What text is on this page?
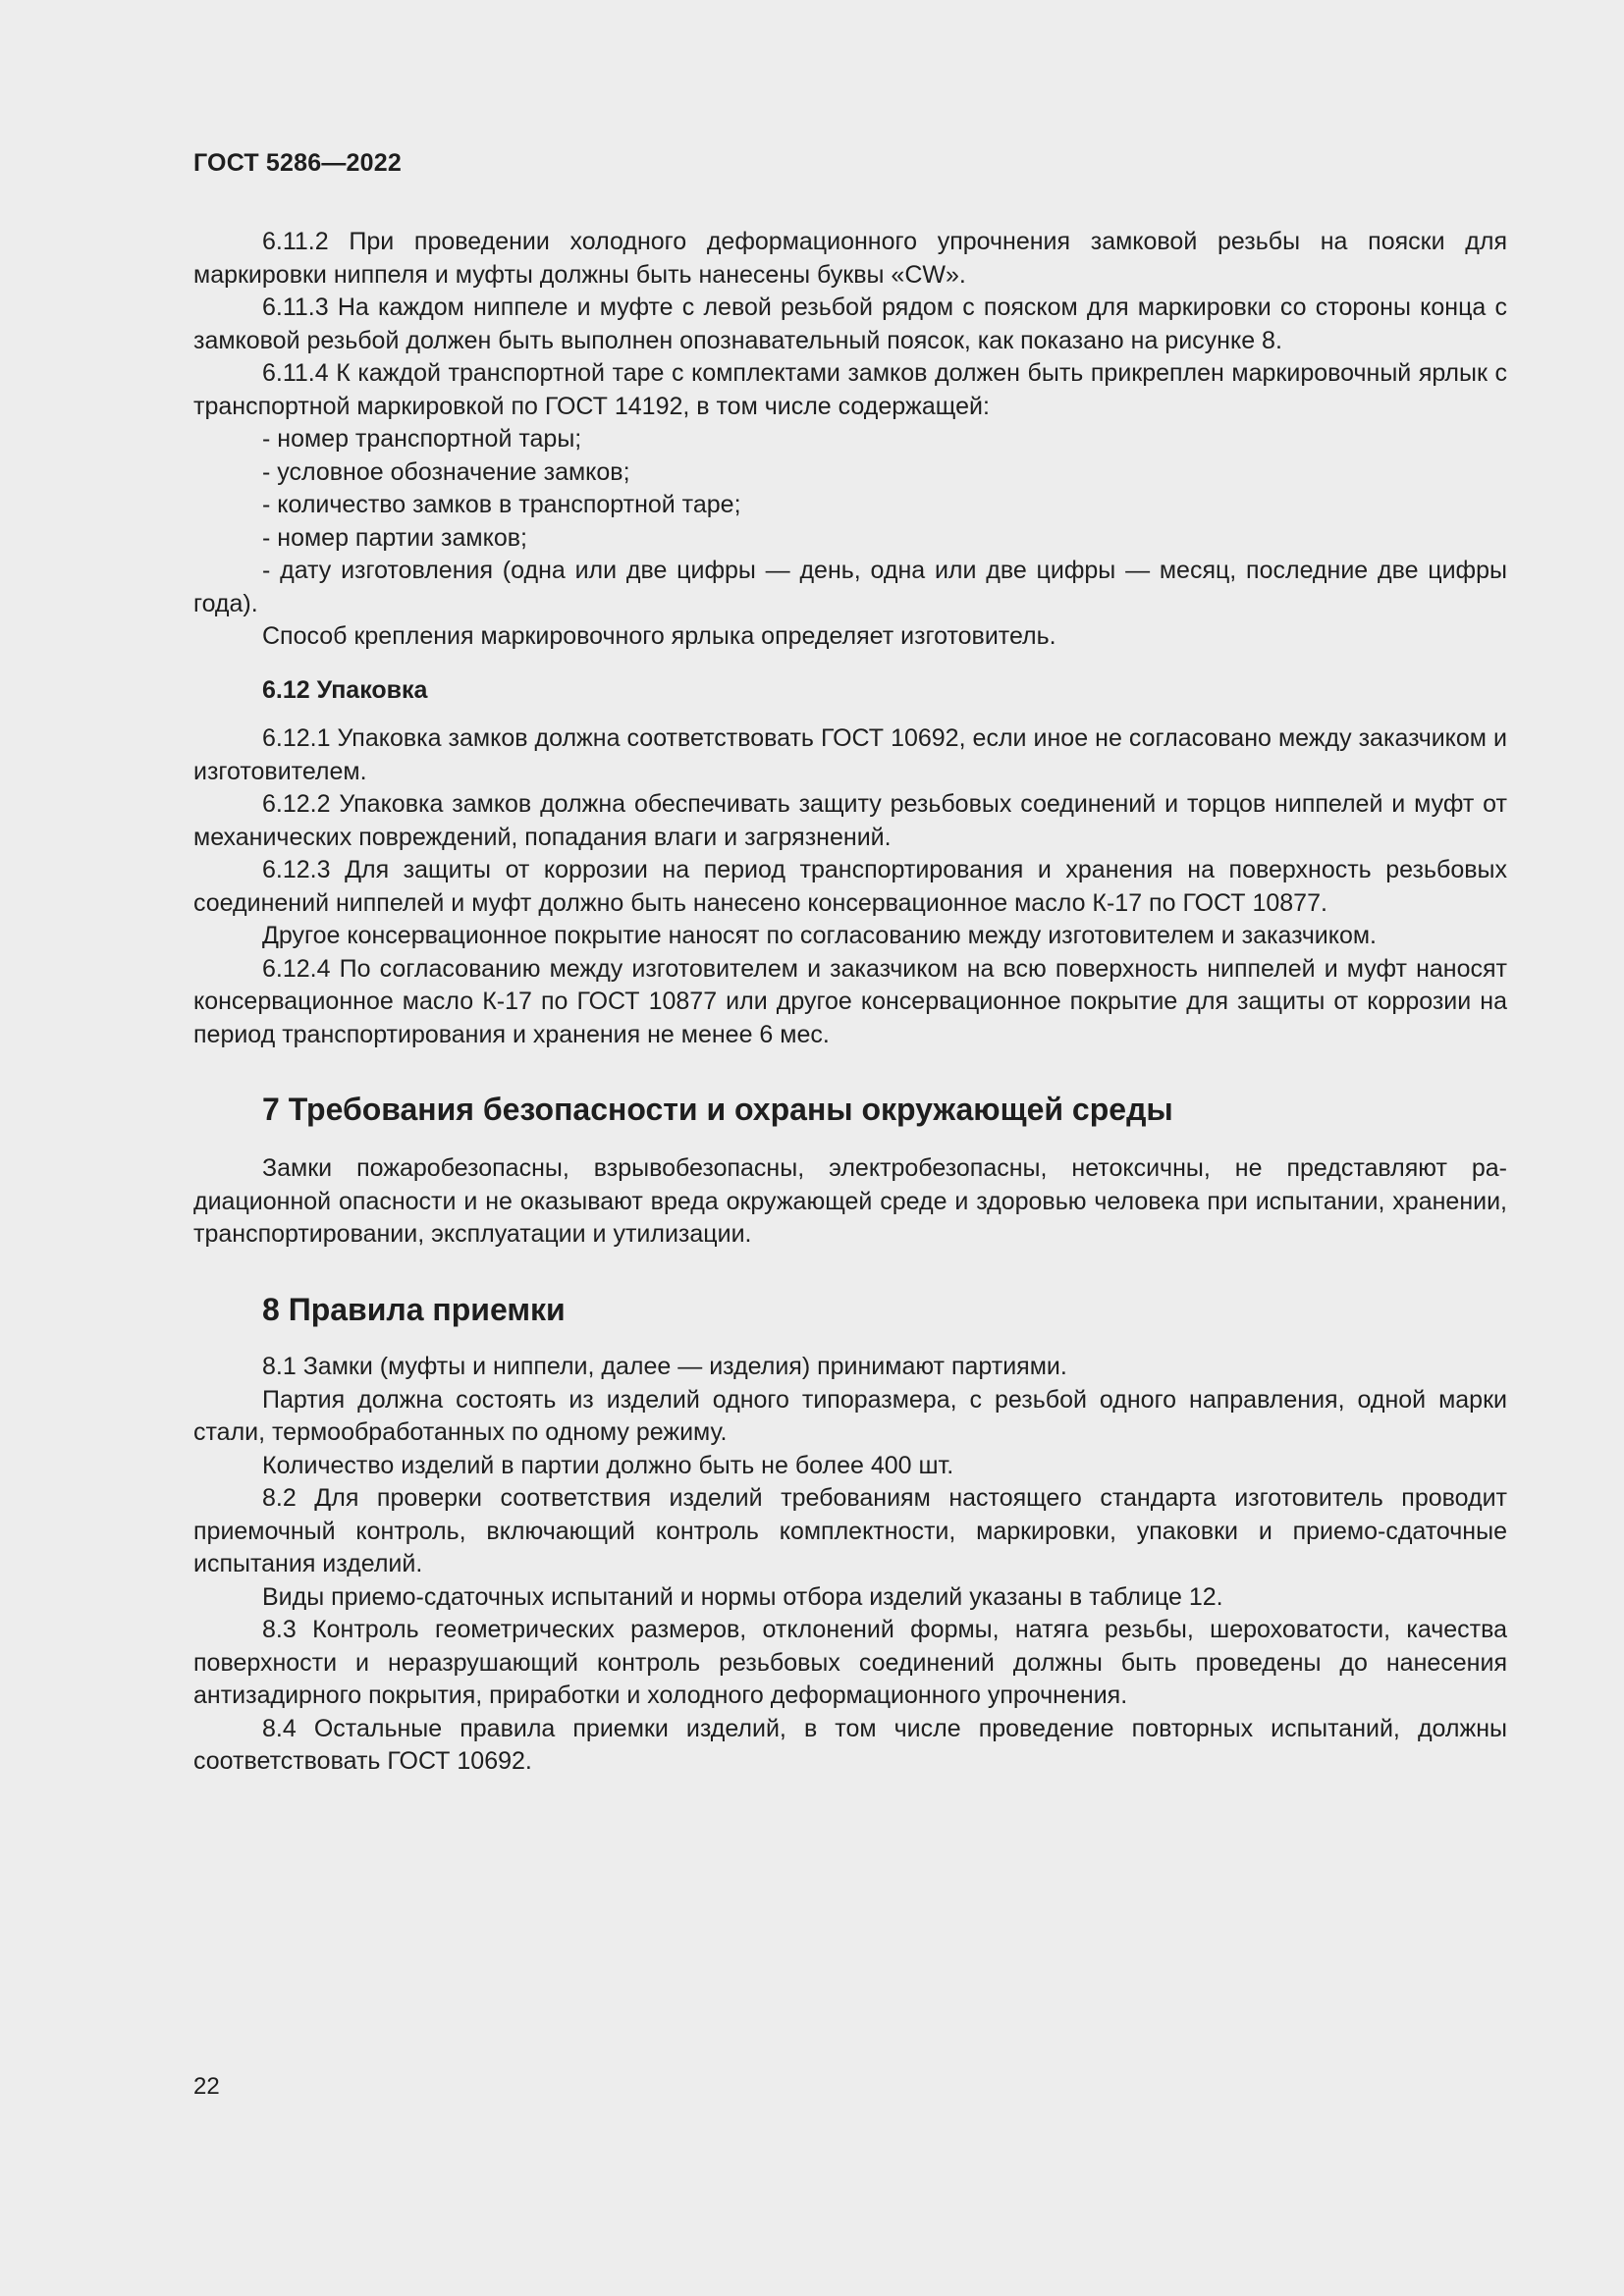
ГОСТ 5286—2022

6.11.2 При проведении холодного деформационного упрочнения замковой резьбы на пояски для маркировки ниппеля и муфты должны быть нанесены буквы «CW».

6.11.3 На каждом ниппеле и муфте с левой резьбой рядом с пояском для маркировки со стороны конца с замковой резьбой должен быть выполнен опознавательный поясок, как показано на рисунке 8.

6.11.4 К каждой транспортной таре с комплектами замков должен быть прикреплен маркировочный ярлык с транспортной маркировкой по ГОСТ 14192, в том числе содержащей:

- номер транспортной тары;

- условное обозначение замков;

- количество замков в транспортной таре;

- номер партии замков;

- дату изготовления (одна или две цифры — день, одна или две цифры — месяц, последние две цифры года).

Способ крепления маркировочного ярлыка определяет изготовитель.

6.12 Упаковка

6.12.1 Упаковка замков должна соответствовать ГОСТ 10692, если иное не согласовано между заказчиком и изготовителем.

6.12.2 Упаковка замков должна обеспечивать защиту резьбовых соединений и торцов ниппелей и муфт от механических повреждений, попадания влаги и загрязнений.

6.12.3 Для защиты от коррозии на период транспортирования и хранения на поверхность резьбовых соединений ниппелей и муфт должно быть нанесено консервационное масло К-17 по ГОСТ 10877.

Другое консервационное покрытие наносят по согласованию между изготовителем и заказчиком.

6.12.4 По согласованию между изготовителем и заказчиком на всю поверхность ниппелей и муфт наносят консервационное масло К-17 по ГОСТ 10877 или другое консервационное покрытие для защиты от коррозии на период транспортирования и хранения не менее 6 мес.

7 Требования безопасности и охраны окружающей среды

Замки пожаробезопасны, взрывобезопасны, электробезопасны, нетоксичны, не представляют радиационной опасности и не оказывают вреда окружающей среде и здоровью человека при испытании, хранении, транспортировании, эксплуатации и утилизации.

8 Правила приемки

8.1 Замки (муфты и ниппели, далее — изделия) принимают партиями.

Партия должна состоять из изделий одного типоразмера, с резьбой одного направления, одной марки стали, термообработанных по одному режиму.

Количество изделий в партии должно быть не более 400 шт.

8.2 Для проверки соответствия изделий требованиям настоящего стандарта изготовитель проводит приемочный контроль, включающий контроль комплектности, маркировки, упаковки и приемо-сдаточные испытания изделий.

Виды приемо-сдаточных испытаний и нормы отбора изделий указаны в таблице 12.

8.3 Контроль геометрических размеров, отклонений формы, натяга резьбы, шероховатости, качества поверхности и неразрушающий контроль резьбовых соединений должны быть проведены до нанесения антизадирного покрытия, приработки и холодного деформационного упрочнения.

8.4 Остальные правила приемки изделий, в том числе проведение повторных испытаний, должны соответствовать ГОСТ 10692.

22
